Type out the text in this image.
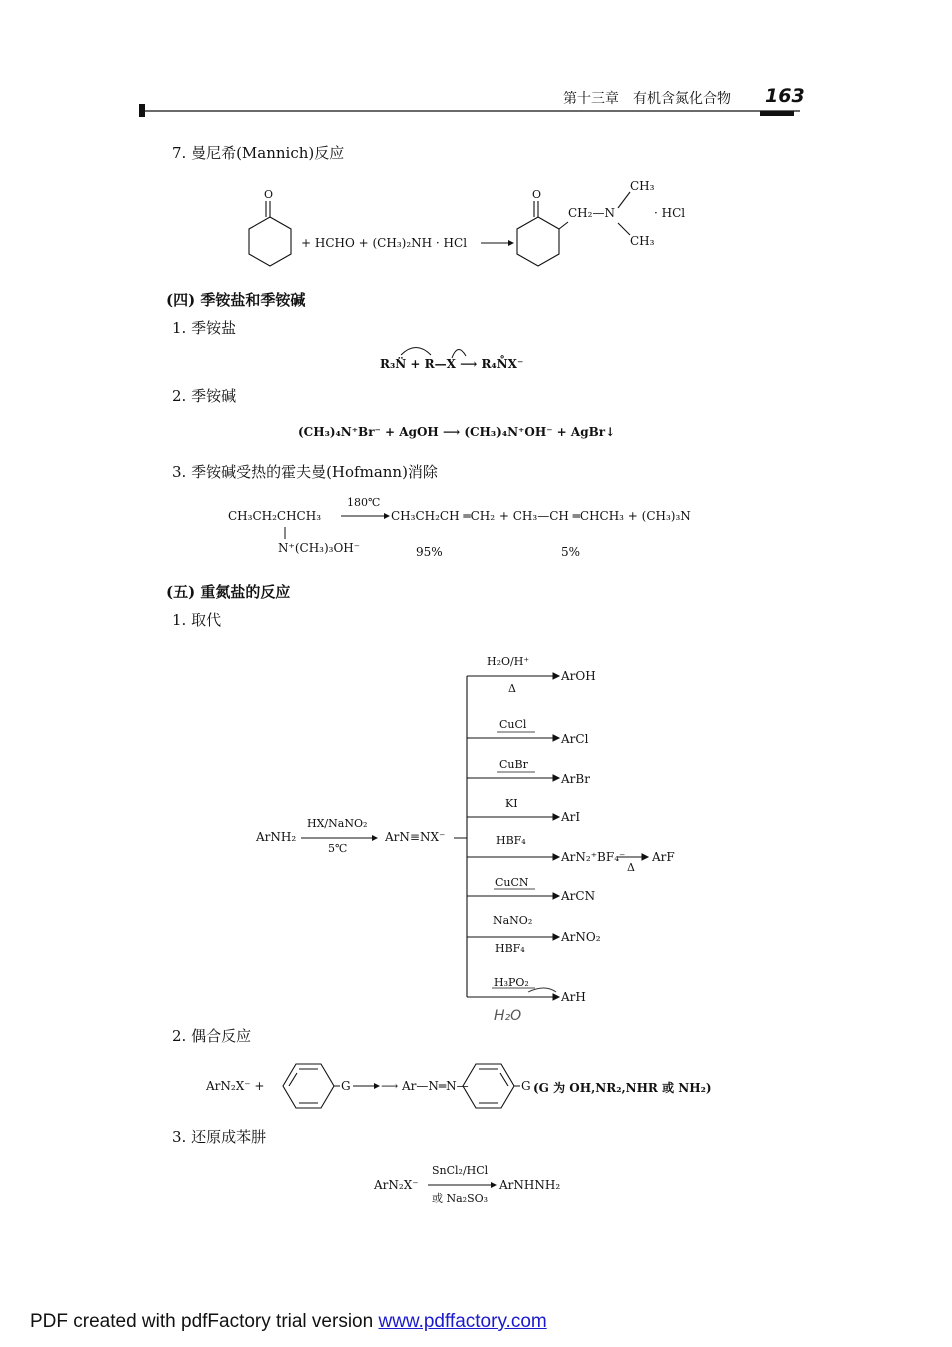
第十三章　有机含氮化合物 163
7. 曼尼希(Mannich)反应
O
+ HCHO + (CH₃)₂NH · HCl
O
CH₃
CH₂—N	· HCl
CH₃
(四) 季铵盐和季铵碱
1. 季铵盐
R₃N̈ + R—X ⟶ R₄N̊X⁻
2. 季铵碱
(CH₃)₄N⁺Br⁻ + AgOH ⟶ (CH₃)₄N⁺OH⁻ + AgBr↓
3. 季铵碱受热的霍夫曼(Hofmann)消除
CH₃CH₂CHCH₃
180℃
CH₃CH₂CH ═CH₂ + CH₃—CH ═CHCH₃ + (CH₃)₃N
N⁺(CH₃)₃OH⁻	95%	5%
(五) 重氮盐的反应
1. 取代
ArNH₂
HX/NaNO₂
5℃
ArN≡NX⁻
H₂O/H⁺
Δ
ArOH
CuCl
ArCl
CuBr
ArBr
KI
ArI
HBF₄
ArN₂⁺BF₄⁻
Δ
ArF
CuCN
ArCN
NaNO₂
HBF₄
ArNO₂
H₃PO₂
ArH
H₂O
2. 偶合反应
ArN₂X⁻ +	G	⟶ Ar—N═N—	G (G 为 OH,NR₂,NHR 或 NH₂)
3. 还原成苯肼
ArN₂X⁻
SnCl₂/HCl
或 Na₂SO₃
ArNHNH₂
PDF created with pdfFactory trial version www.pdffactory.com
